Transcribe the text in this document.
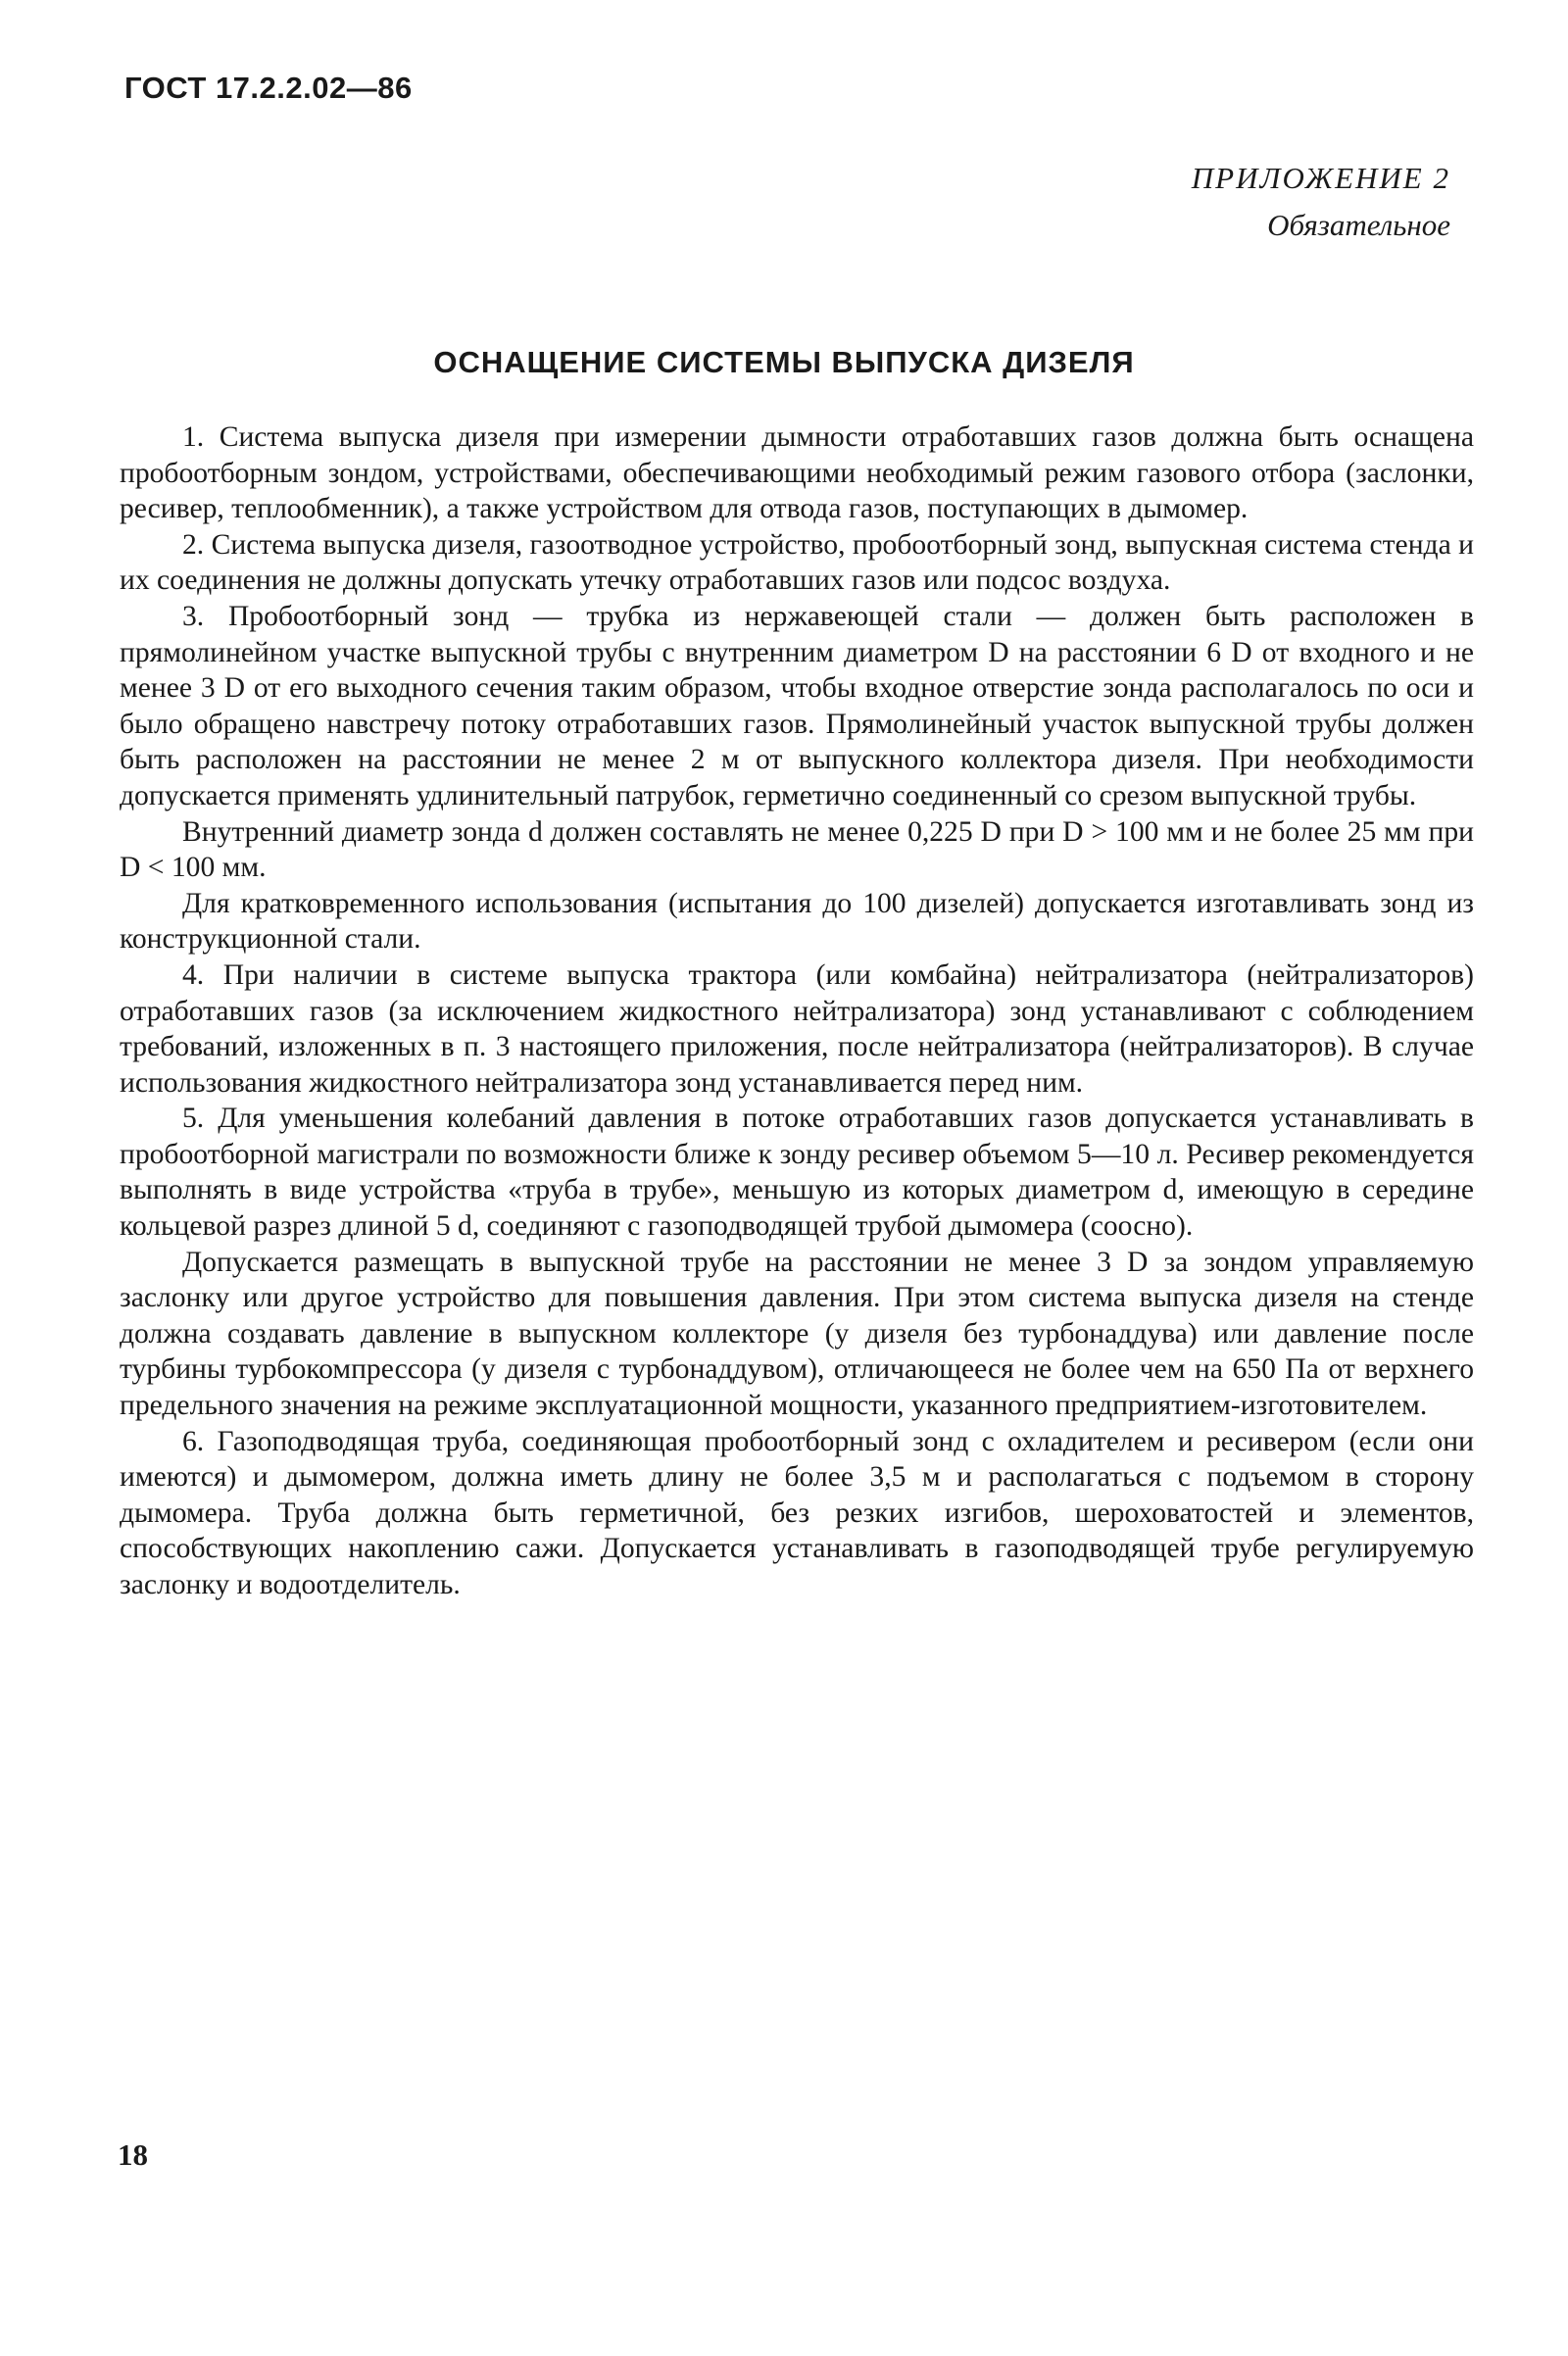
ГОСТ 17.2.2.02—86
ПРИЛОЖЕНИЕ 2
Обязательное
ОСНАЩЕНИЕ СИСТЕМЫ ВЫПУСКА ДИЗЕЛЯ

1. Система выпуска дизеля при измерении дымности отработавших газов должна быть оснащена пробоотборным зондом, устройствами, обеспечивающими необходимый режим газового отбора (заслонки, ресивер, теплообменник), а также устройством для отвода газов, поступающих в дымомер.

2. Система выпуска дизеля, газоотводное устройство, пробоотборный зонд, выпускная система стенда и их соединения не должны допускать утечку отработавших газов или подсос воздуха.

3. Пробоотборный зонд — трубка из нержавеющей стали — должен быть расположен в прямолинейном участке выпускной трубы с внутренним диаметром D на расстоянии 6 D от входного и не менее 3 D от его выходного сечения таким образом, чтобы входное отверстие зонда располагалось по оси и было обращено навстречу потоку отработавших газов. Прямолинейный участок выпускной трубы должен быть расположен на расстоянии не менее 2 м от выпускного коллектора дизеля. При необходимости допускается применять удлинительный патрубок, герметично соединенный со срезом выпускной трубы.

Внутренний диаметр зонда d должен составлять не менее 0,225 D при D > 100 мм и не более 25 мм при D < 100 мм.

Для кратковременного использования (испытания до 100 дизелей) допускается изготавливать зонд из конструкционной стали.

4. При наличии в системе выпуска трактора (или комбайна) нейтрализатора (нейтрализаторов) отработавших газов (за исключением жидкостного нейтрализатора) зонд устанавливают с соблюдением требований, изложенных в п. 3 настоящего приложения, после нейтрализатора (нейтрализаторов). В случае использования жидкостного нейтрализатора зонд устанавливается перед ним.

5. Для уменьшения колебаний давления в потоке отработавших газов допускается устанавливать в пробоотборной магистрали по возможности ближе к зонду ресивер объемом 5—10 л. Ресивер рекомендуется выполнять в виде устройства «труба в трубе», меньшую из которых диаметром d, имеющую в середине кольцевой разрез длиной 5 d, соединяют с газоподводящей трубой дымомера (соосно).

Допускается размещать в выпускной трубе на расстоянии не менее 3 D за зондом управляемую заслонку или другое устройство для повышения давления. При этом система выпуска дизеля на стенде должна создавать давление в выпускном коллекторе (у дизеля без турбонаддува) или давление после турбины турбокомпрессора (у дизеля с турбонаддувом), отличающееся не более чем на 650 Па от верхнего предельного значения на режиме эксплуатационной мощности, указанного предприятием-изготовителем.

6. Газоподводящая труба, соединяющая пробоотборный зонд с охладителем и ресивером (если они имеются) и дымомером, должна иметь длину не более 3,5 м и располагаться с подъемом в сторону дымомера. Труба должна быть герметичной, без резких изгибов, шероховатостей и элементов, способствующих накоплению сажи. Допускается устанавливать в газоподводящей трубе регулируемую заслонку и водоотделитель.

18
